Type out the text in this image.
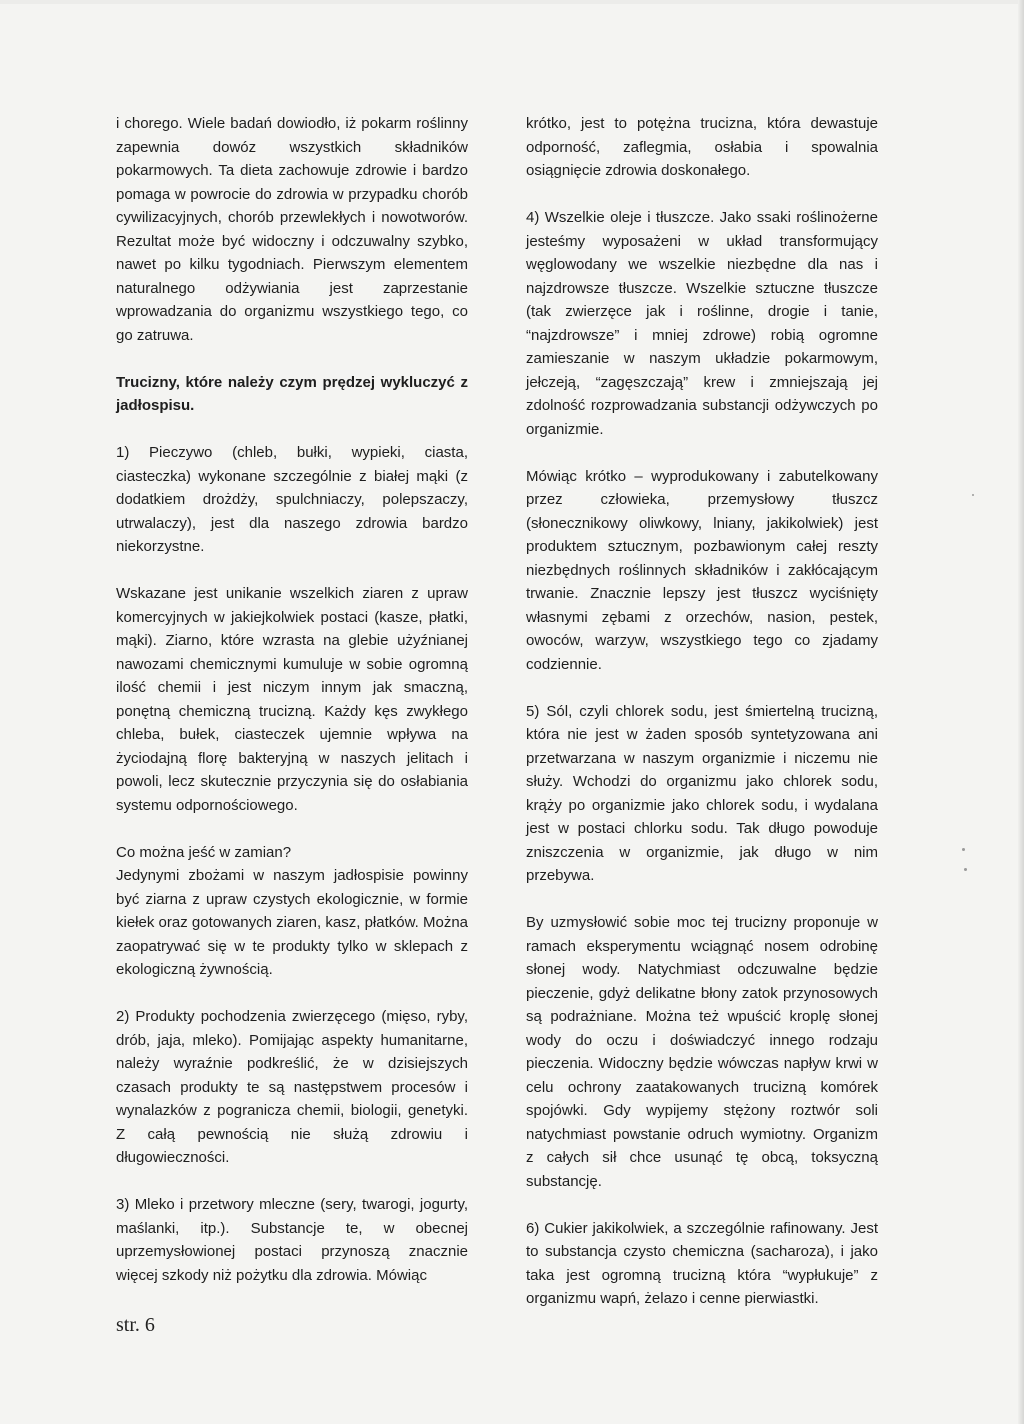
i chorego. Wiele badań dowiodło, iż pokarm roślinny zapewnia dowóz wszystkich składników pokarmowych. Ta dieta zachowuje zdrowie i bardzo pomaga w powrocie do zdrowia w przypadku chorób cywilizacyjnych, chorób przewlekłych i nowotworów. Rezultat może być widoczny i odczuwalny szybko, nawet po kilku tygodniach. Pierwszym elementem naturalnego odżywiania jest zaprzestanie wprowadzania do organizmu wszystkiego tego, co go zatruwa.

Trucizny, które należy czym prędzej wykluczyć z jadłospisu.

1) Pieczywo (chleb, bułki, wypieki, ciasta, ciasteczka) wykonane szczególnie z białej mąki (z dodatkiem drożdży, spulchniaczy, polepszaczy, utrwalaczy), jest dla naszego zdrowia bardzo niekorzystne.

Wskazane jest unikanie wszelkich ziaren z upraw komercyjnych w jakiejkolwiek postaci (kasze, płatki, mąki). Ziarno, które wzrasta na glebie użyźnianej nawozami chemicznymi kumuluje w sobie ogromną ilość chemii i jest niczym innym jak smaczną, ponętną chemiczną trucizną. Każdy kęs zwykłego chleba, bułek, ciasteczek ujemnie wpływa na życiodajną florę bakteryjną w naszych jelitach i powoli, lecz skutecznie przyczynia się do osłabiania systemu odpornościowego.

Co można jeść w zamian?

Jedynymi zbożami w naszym jadłospisie powinny być ziarna z upraw czystych ekologicznie, w formie kiełek oraz gotowanych ziaren, kasz, płatków. Można zaopatrywać się w te produkty tylko w sklepach z ekologiczną żywnością.

2) Produkty pochodzenia zwierzęcego (mięso, ryby, drób, jaja, mleko). Pomijając aspekty humanitarne, należy wyraźnie podkreślić, że w dzisiejszych czasach produkty te są następstwem procesów i wynalazków z pogranicza chemii, biologii, genetyki. Z całą pewnością nie służą zdrowiu i długowieczności.

3) Mleko i przetwory mleczne (sery, twarogi, jogurty, maślanki, itp.). Substancje te, w obecnej uprzemysłowionej postaci przynoszą znacznie więcej szkody niż pożytku dla zdrowia. Mówiąc

krótko, jest to potężna trucizna, która dewastuje odporność, zaflegmia, osłabia i spowalnia osiągnięcie zdrowia doskonałego.

4) Wszelkie oleje i tłuszcze. Jako ssaki roślinożerne jesteśmy wyposażeni w układ transformujący węglowodany we wszelkie niezbędne dla nas i najzdrowsze tłuszcze. Wszelkie sztuczne tłuszcze (tak zwierzęce jak i roślinne, drogie i tanie, “najzdrowsze” i mniej zdrowe) robią ogromne zamieszanie w naszym układzie pokarmowym, jełczeją, “zagęszczają” krew i zmniejszają jej zdolność rozprowadzania substancji odżywczych po organizmie.

Mówiąc krótko – wyprodukowany i zabutelkowany przez człowieka, przemysłowy tłuszcz (słonecznikowy oliwkowy, lniany, jakikolwiek) jest produktem sztucznym, pozbawionym całej reszty niezbędnych roślinnych składników i zakłócającym trwanie. Znacznie lepszy jest tłuszcz wyciśnięty własnymi zębami z orzechów, nasion, pestek, owoców, warzyw, wszystkiego tego co zjadamy codziennie.

5) Sól, czyli chlorek sodu, jest śmiertelną trucizną, która nie jest w żaden sposób syntetyzowana ani przetwarzana w naszym organizmie i niczemu nie służy. Wchodzi do organizmu jako chlorek sodu, krąży po organizmie jako chlorek sodu, i wydalana jest w postaci chlorku sodu. Tak długo powoduje zniszczenia w organizmie, jak długo w nim przebywa.

By uzmysłowić sobie moc tej trucizny proponuje w ramach eksperymentu wciągnąć nosem odrobinę słonej wody. Natychmiast odczuwalne będzie pieczenie, gdyż delikatne błony zatok przynosowych są podrażniane. Można też wpuścić kroplę słonej wody do oczu i doświadczyć innego rodzaju pieczenia. Widoczny będzie wówczas napływ krwi w celu ochrony zaatakowanych trucizną komórek spojówki. Gdy wypijemy stężony roztwór soli natychmiast powstanie odruch wymiotny. Organizm z całych sił chce usunąć tę obcą, toksyczną substancję.

6) Cukier jakikolwiek, a szczególnie rafinowany. Jest to substancja czysto chemiczna (sacharoza), i jako taka jest ogromną trucizną która “wypłukuje” z organizmu wapń, żelazo i cenne pierwiastki.

str. 6
